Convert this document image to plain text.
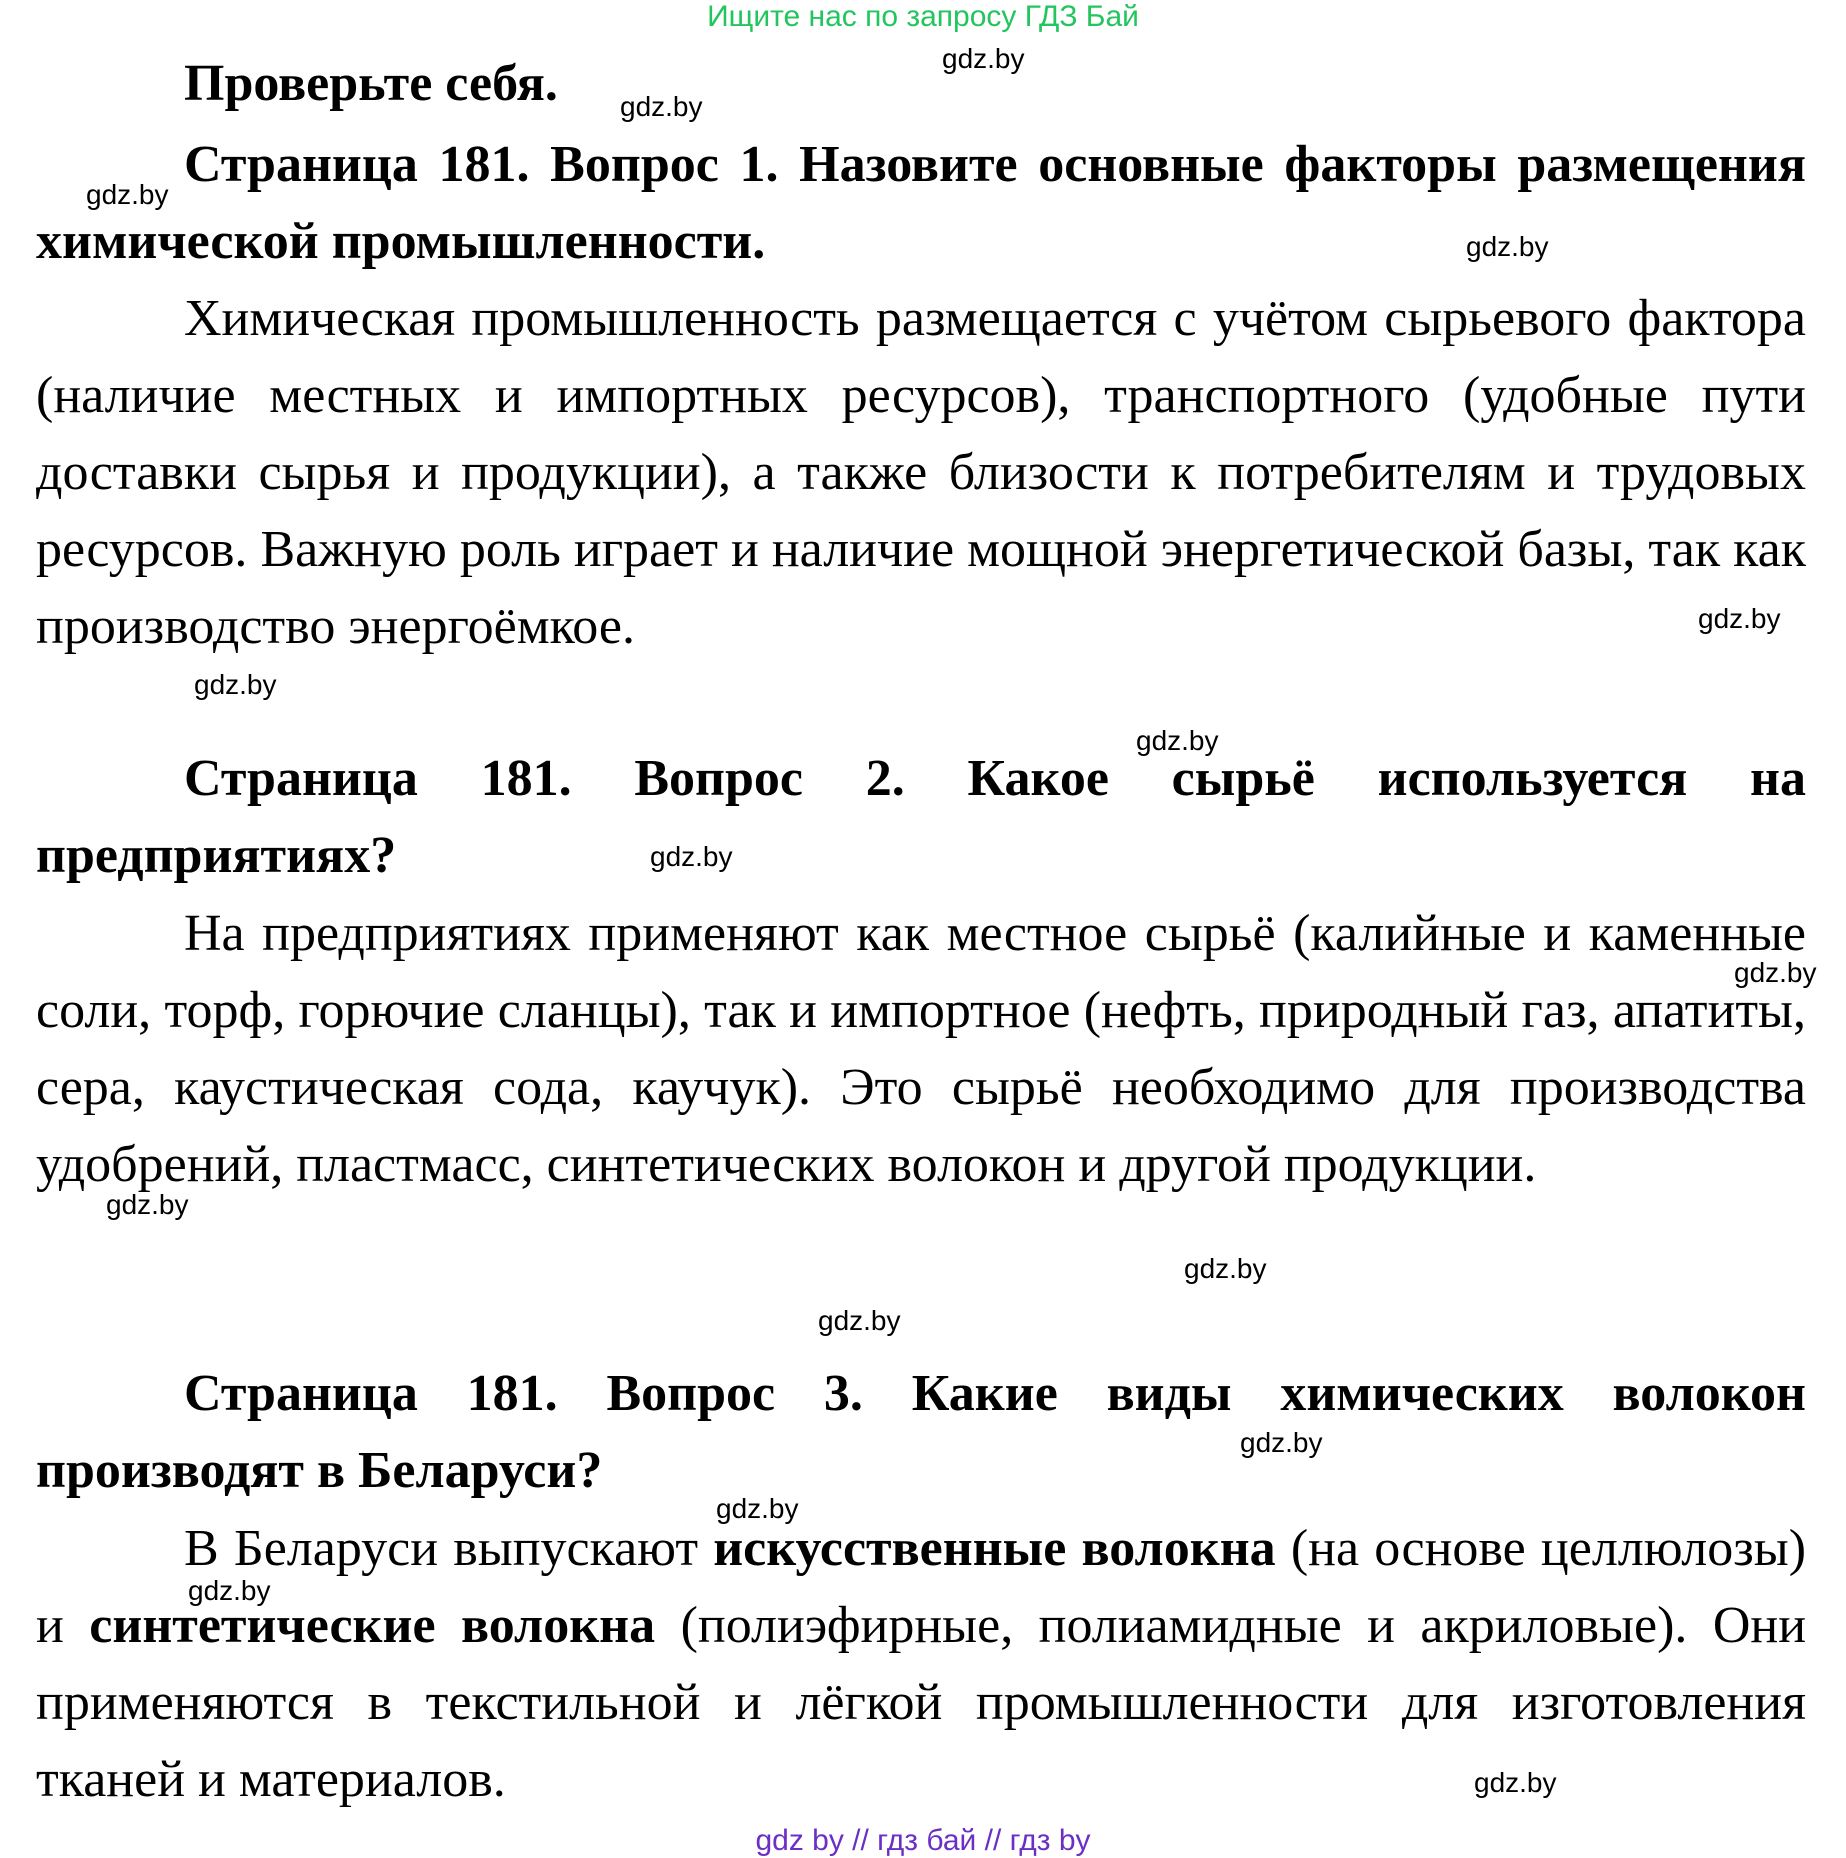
Ищите нас по запросу ГДЗ Бай
Проверьте себя.
Страница 181. Вопрос 1. Назовите основные факторы размещения химической промышленности.
Химическая промышленность размещается с учётом сырьевого фактора (наличие местных и импортных ресурсов), транспортного (удобные пути доставки сырья и продукции), а также близости к потребителям и трудовых ресурсов. Важную роль играет и наличие мощной энергетической базы, так как производство энергоёмкое.
Страница 181. Вопрос 2. Какое сырьё используется на предприятиях?
На предприятиях применяют как местное сырьё (калийные и каменные соли, торф, горючие сланцы), так и импортное (нефть, природный газ, апатиты, сера, каустическая сода, каучук). Это сырьё необходимо для производства удобрений, пластмасс, синтетических волокон и другой продукции.
Страница 181. Вопрос 3. Какие виды химических волокон производят в Беларуси?
В Беларуси выпускают искусственные волокна (на основе целлюлозы) и синтетические волокна (полиэфирные, полиамидные и акриловые). Они применяются в текстильной и лёгкой промышленности для изготовления тканей и материалов.
gdz.by
gdz.by
gdz.by
gdz.by
gdz.by
gdz.by
gdz.by
gdz.by
gdz.by
gdz.by
gdz.by
gdz.by
gdz.by
gdz.by
gdz.by
gdz.by
gdz by // гдз бай // гдз by
